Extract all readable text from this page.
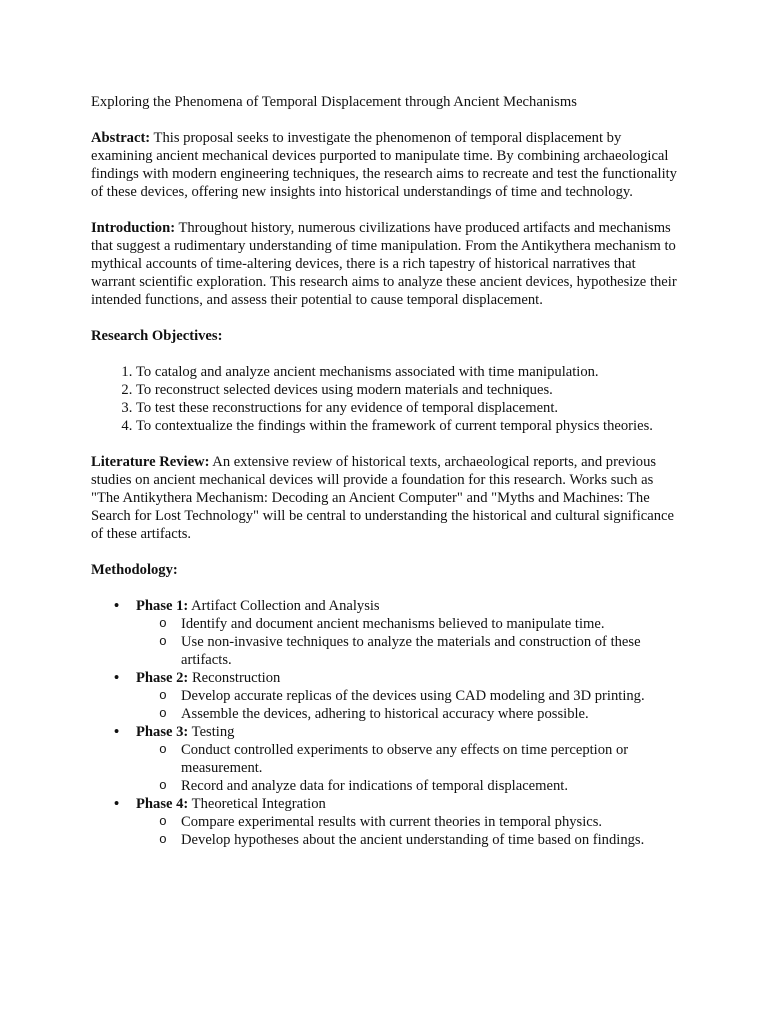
Exploring the Phenomena of Temporal Displacement through Ancient Mechanisms

Abstract: This proposal seeks to investigate the phenomenon of temporal displacement by examining ancient mechanical devices purported to manipulate time. By combining archaeological findings with modern engineering techniques, the research aims to recreate and test the functionality of these devices, offering new insights into historical understandings of time and technology.

Introduction: Throughout history, numerous civilizations have produced artifacts and mechanisms that suggest a rudimentary understanding of time manipulation. From the Antikythera mechanism to mythical accounts of time-altering devices, there is a rich tapestry of historical narratives that warrant scientific exploration. This research aims to analyze these ancient devices, hypothesize their intended functions, and assess their potential to cause temporal displacement.

Research Objectives:

1. To catalog and analyze ancient mechanisms associated with time manipulation.
2. To reconstruct selected devices using modern materials and techniques.
3. To test these reconstructions for any evidence of temporal displacement.
4. To contextualize the findings within the framework of current temporal physics theories.

Literature Review: An extensive review of historical texts, archaeological reports, and previous studies on ancient mechanical devices will provide a foundation for this research. Works such as "The Antikythera Mechanism: Decoding an Ancient Computer" and "Myths and Machines: The Search for Lost Technology" will be central to understanding the historical and cultural significance of these artifacts.

Methodology:

• Phase 1: Artifact Collection and Analysis
o Identify and document ancient mechanisms believed to manipulate time.
o Use non-invasive techniques to analyze the materials and construction of these artifacts.
• Phase 2: Reconstruction
o Develop accurate replicas of the devices using CAD modeling and 3D printing.
o Assemble the devices, adhering to historical accuracy where possible.
• Phase 3: Testing
o Conduct controlled experiments to observe any effects on time perception or measurement.
o Record and analyze data for indications of temporal displacement.
• Phase 4: Theoretical Integration
o Compare experimental results with current theories in temporal physics.
o Develop hypotheses about the ancient understanding of time based on findings.
